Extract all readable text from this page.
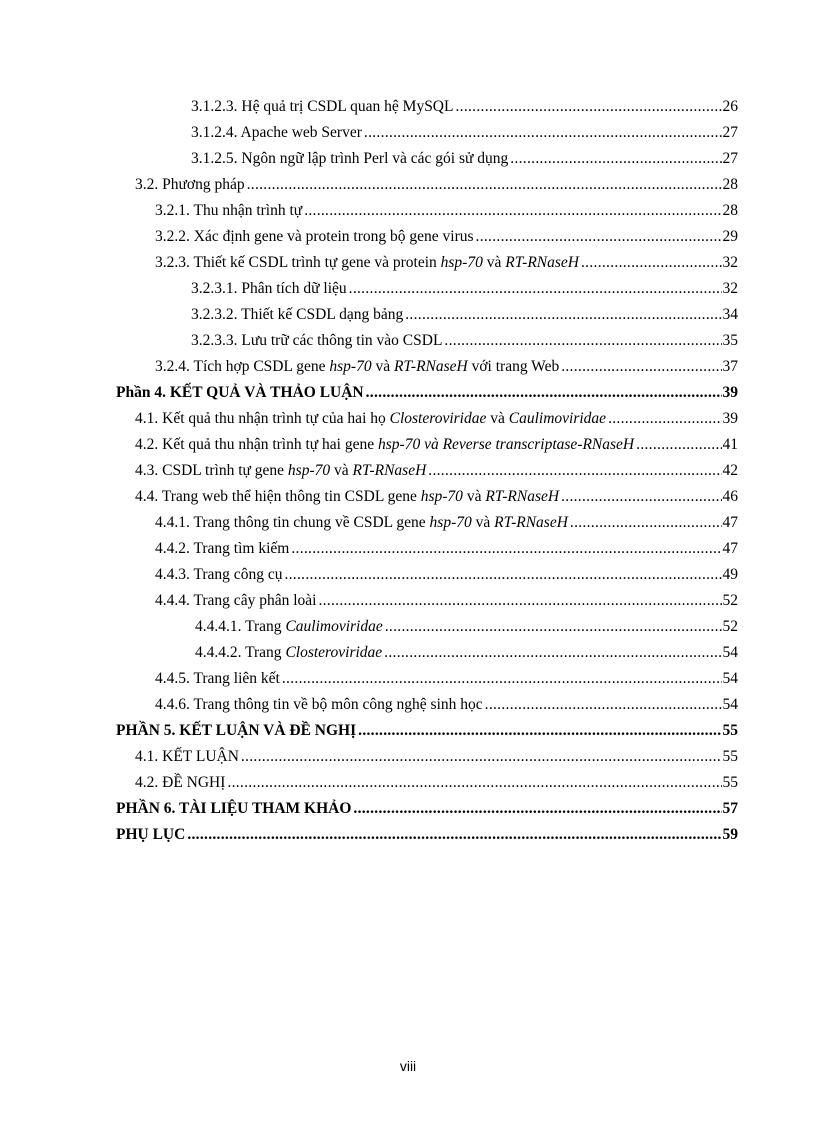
3.1.2.3. Hệ quả trị CSDL quan hệ MySQL .....	26
3.1.2.4. Apache web Server .....	27
3.1.2.5. Ngôn ngữ lập trình Perl và các gói sử dụng .....	27
3.2. Phương pháp .....	28
3.2.1. Thu nhận trình tự .....	28
3.2.2. Xác định gene và protein trong bộ gene virus .....	29
3.2.3. Thiết kế CSDL trình tự gene và protein hsp-70 và RT-RNaseH .....	32
3.2.3.1. Phân tích dữ liệu .....	32
3.2.3.2. Thiết kế CSDL dạng bảng .....	34
3.2.3.3. Lưu trữ các thông tin vào CSDL .....	35
3.2.4. Tích hợp CSDL gene hsp-70 và RT-RNaseH với trang Web .....	37
Phần 4. KẾT QUẢ VÀ THẢO LUẬN .....	39
4.1. Kết quả thu nhận trình tự của hai họ Closteroviridae và Caulimoviridae .....	39
4.2. Kết quả thu nhận trình tự hai gene hsp-70 và Reverse transcriptase-RNaseH .....	41
4.3. CSDL trình tự gene hsp-70 và RT-RNaseH .....	42
4.4. Trang web thể hiện thông tin CSDL gene hsp-70 và RT-RNaseH .....	46
4.4.1. Trang thông tin chung về CSDL gene hsp-70 và RT-RNaseH .....	47
4.4.2. Trang tìm kiếm .....	47
4.4.3. Trang công cụ .....	49
4.4.4. Trang cây phân loài .....	52
4.4.4.1. Trang Caulimoviridae .....	52
4.4.4.2. Trang Closteroviridae .....	54
4.4.5. Trang liên kết .....	54
4.4.6. Trang thông tin về bộ môn công nghệ sinh học .....	54
PHẦN 5. KẾT LUẬN VÀ ĐỀ NGHỊ .....	55
4.1. KẾT LUẬN .....	55
4.2. ĐỀ NGHỊ .....	55
PHẦN 6. TÀI LIỆU THAM KHẢO .....	57
PHỤ LỤC .....	59
viii
